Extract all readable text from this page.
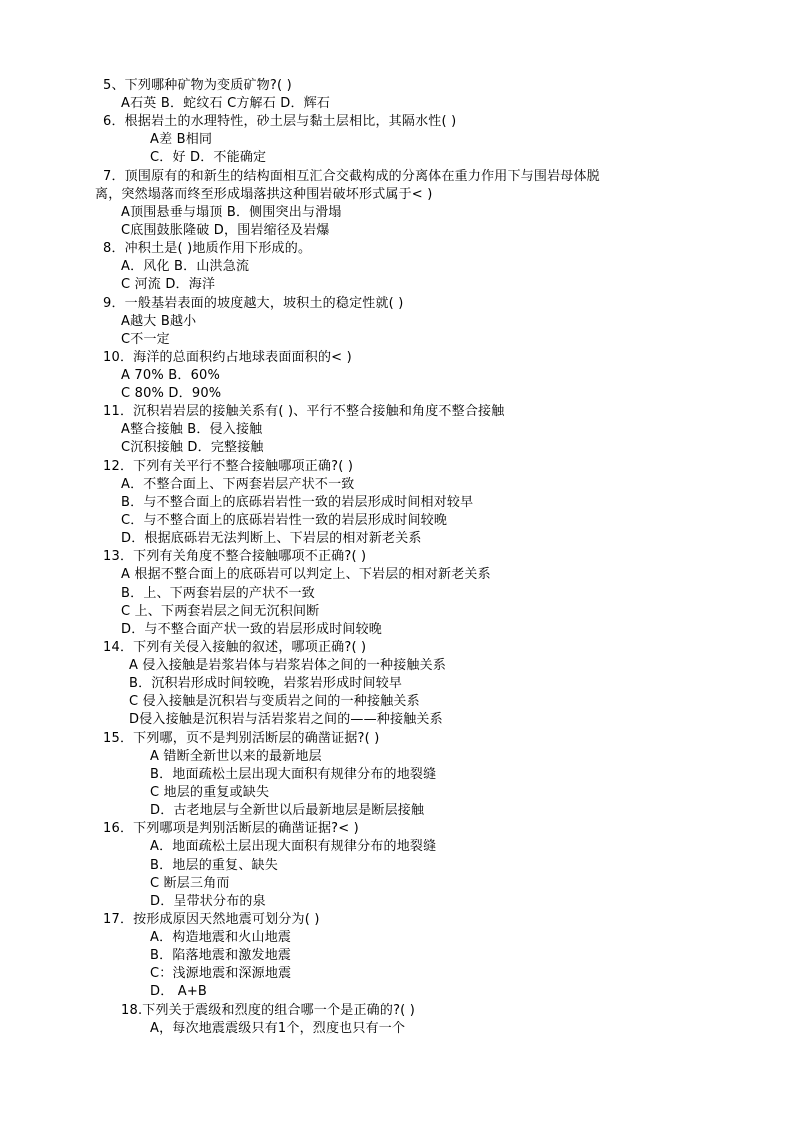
5、下列哪种矿物为变质矿物?( )
A石英 B．蛇纹石 C方解石 D．辉石
6．根据岩土的水理特性，砂土层与黏土层相比，其隔水性( )
A差 B相同
C．好 D．不能确定
7．顶围原有的和新生的结构面相互汇合交截构成的分离体在重力作用下与围岩母体脱
离，突然塌落而终至形成塌落拱这种围岩破坏形式属于< )
A顶围悬垂与塌顶 B．侧围突出与滑塌
C底围鼓胀隆破 D，围岩缩径及岩爆
8．冲积土是( )地质作用下形成的。
A．风化 B．山洪急流
C 河流 D．海洋
9．一般基岩表面的坡度越大，坡积土的稳定性就( )
A越大 B越小
C不一定
10．海洋的总面积约占地球表面面积的< )
A 70% B．60%
C 80% D．90%
11．沉积岩岩层的接触关系有( )、平行不整合接触和角度不整合接触
A整合接触 B．侵入接触
C沉积接触 D．完整接触
12．下列有关平行不整合接触哪项正确?( )
A．不整合面上、下两套岩层产状不一致
B．与不整合面上的底砾岩岩性一致的岩层形成时间相对较早
C．与不整合面上的底砾岩岩性一致的岩层形成时间较晚
D．根据底砾岩无法判断上、下岩层的相对新老关系
13．下列有关角度不整合接触哪项不正确?( )
A 根据不整合面上的底砾岩可以判定上、下岩层的相对新老关系
B．上、下两套岩层的产状不一致
C 上、下两套岩层之间无沉积间断
D．与不整合面产状一致的岩层形成时间较晚
14．下列有关侵入接触的叙述，哪项正确?( )
A 侵入接触是岩浆岩体与岩浆岩体之间的一种接触关系
B．沉积岩形成时间较晚，岩浆岩形成时间较早
C 侵入接触是沉积岩与变质岩之间的一种接触关系
D侵入接触是沉积岩与活岩浆岩之间的——种接触关系
15．下列哪，页不是判别活断层的确凿证据?( )
A 错断全新世以来的最新地层
B．地面疏松土层出现大面积有规律分布的地裂缝
C 地层的重复或缺失
D．古老地层与全新世以后最新地层是断层接触
16．下列哪项是判别活断层的确凿证据?< )
A．地面疏松土层出现大面积有规律分布的地裂缝
B．地层的重复、缺失
C 断层三角而
D．呈带状分布的泉
17．按形成原因天然地震可划分为( )
A．构造地震和火山地震
B．陷落地震和激发地震
C：浅源地震和深源地震
D． A+B
18.下列关于震级和烈度的组合哪一个是正确的?( )
A，每次地震震级只有1个，烈度也只有一个
